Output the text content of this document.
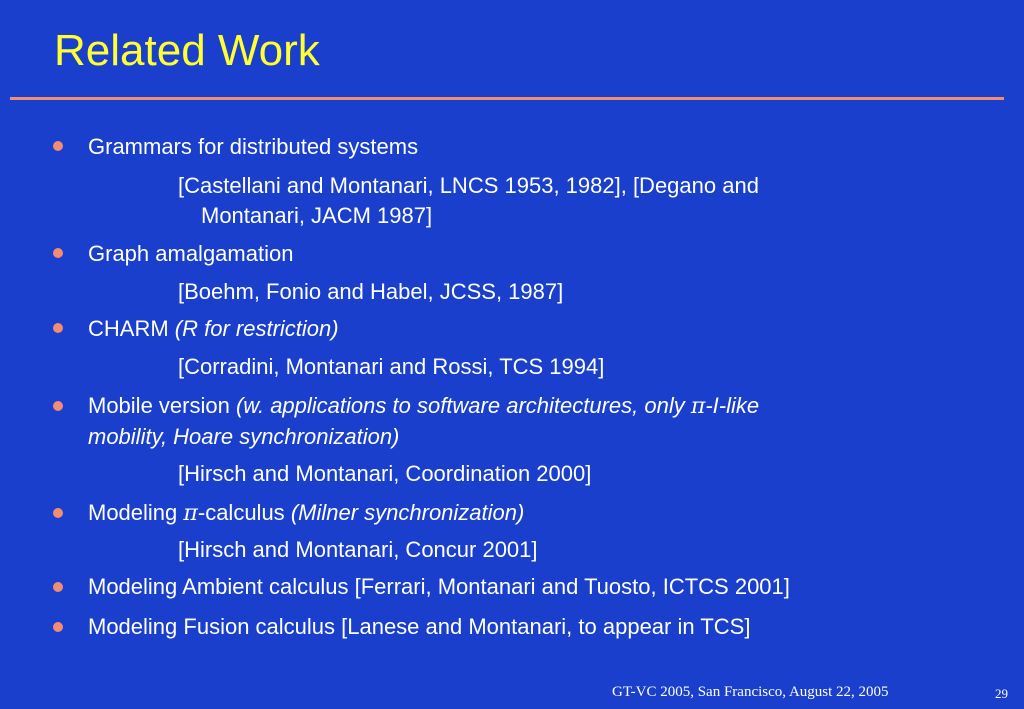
Related Work
Grammars for distributed systems
[Castellani and Montanari, LNCS 1953, 1982], [Degano and
Montanari, JACM 1987]
Graph amalgamation
[Boehm, Fonio and Habel, JCSS, 1987]
CHARM (R for restriction)
[Corradini, Montanari and Rossi, TCS 1994]
Mobile version (w. applications to software architectures, only π-I-like
mobility, Hoare synchronization)
[Hirsch and Montanari, Coordination 2000]
Modeling π-calculus (Milner synchronization)
[Hirsch and Montanari, Concur 2001]
Modeling Ambient calculus [Ferrari, Montanari and Tuosto, ICTCS 2001]
Modeling Fusion calculus [Lanese and Montanari, to appear in TCS]
GT-VC 2005, San Francisco, August 22, 2005	29
